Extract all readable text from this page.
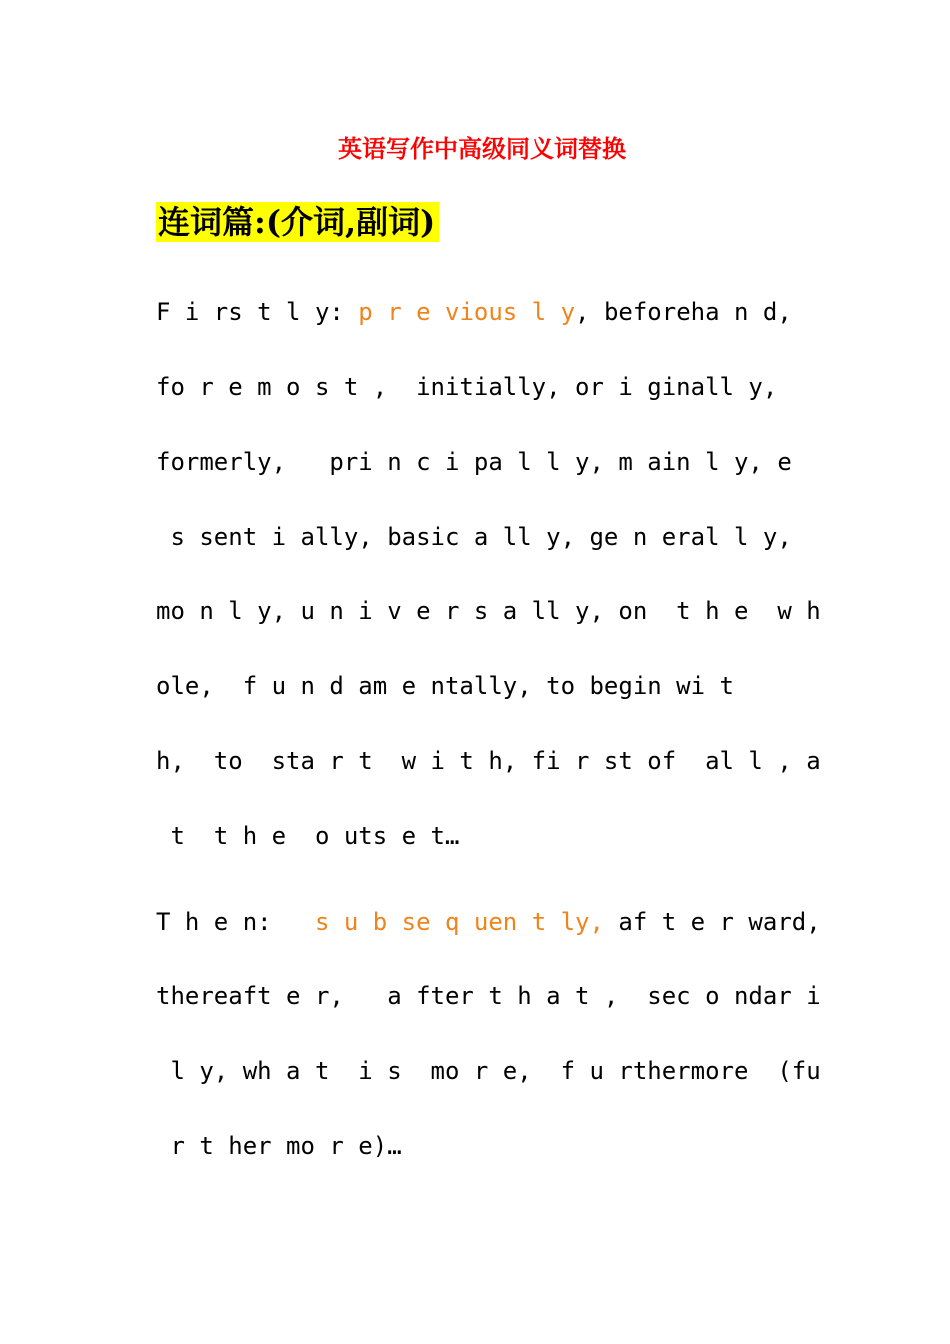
英语写作中高级同义词替换
连词篇:(介词,副词)
F i rs t l y: p r e vious l y, beforeha n d,
fo r e m o s t ,  initially, or i ginall y,
formerly,   pri n c i pa l l y, m ain l y, e
s sent i ally, basic a ll y, ge n eral l y,
mo n l y, u n i v e r s a ll y, on  t h e  w h
ole,  f u n d am e ntally, to begin wi t
h,  to  sta r t  w i t h, fi r st of  al l , a
t  t h e  o uts e t…
T h e n:   s u b se q uen t ly, af t e r ward,
thereaft e r,   a fter t h a t ,  sec o ndar i
l y, wh a t  i s  mo r e,  f u rthermore  (fu
r t her mo r e)…
